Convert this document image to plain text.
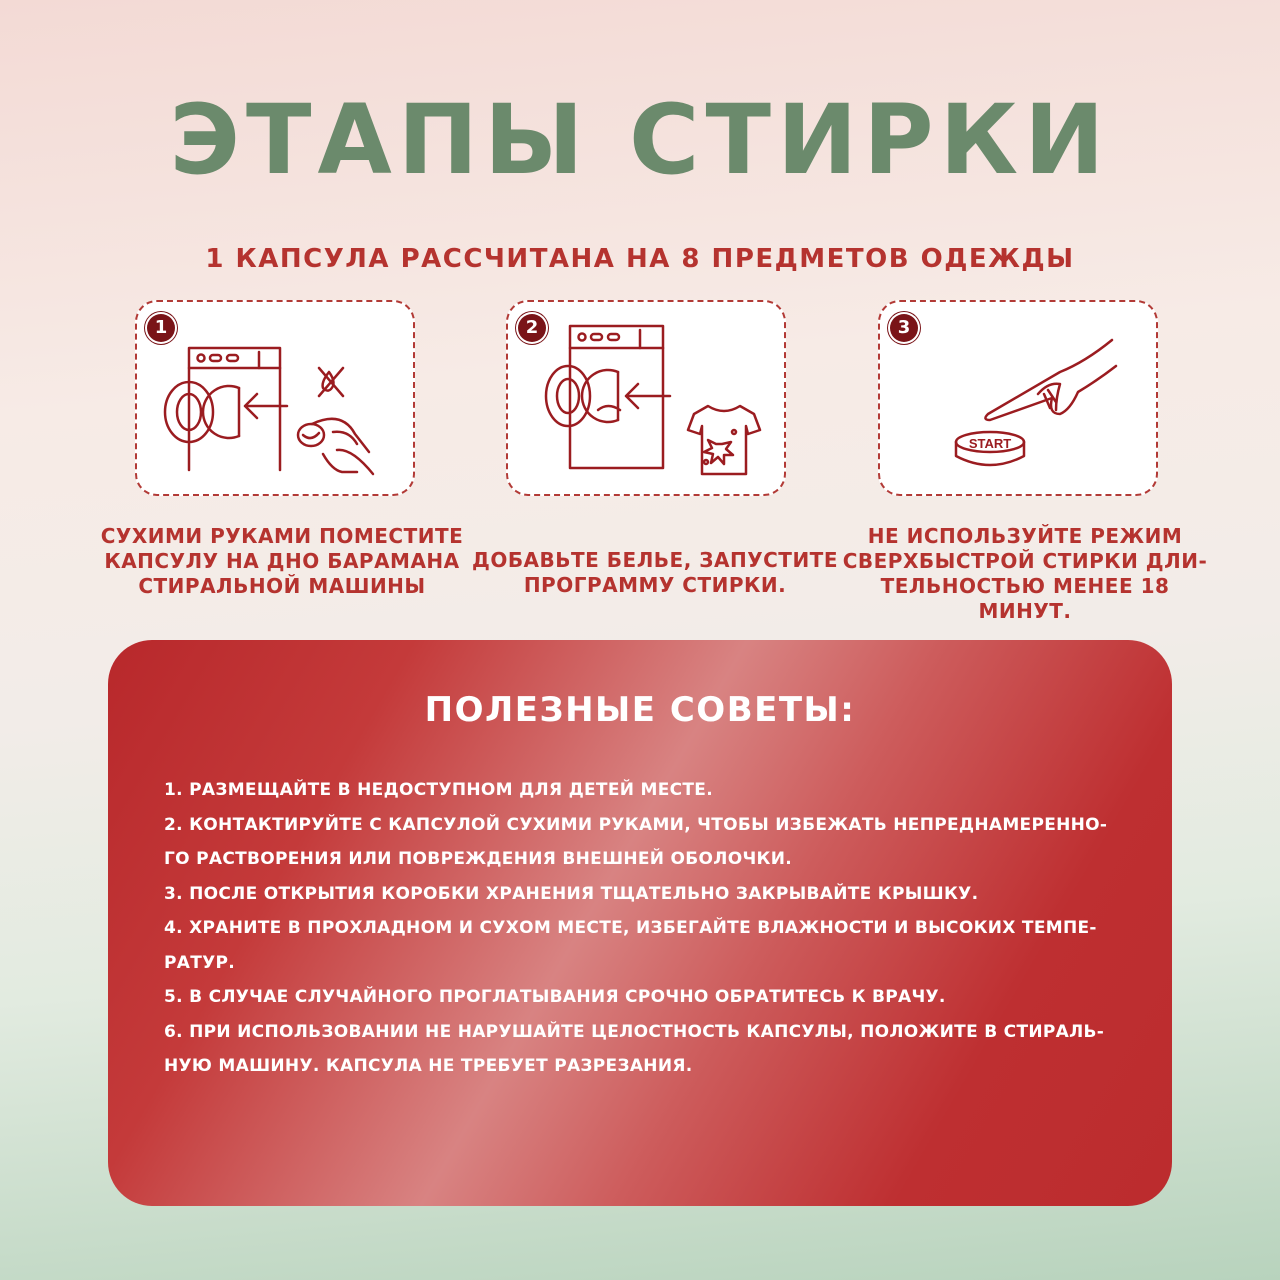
ЭТАПЫ СТИРКИ
1 КАПСУЛА РАССЧИТАНА НА 8 ПРЕДМЕТОВ ОДЕЖДЫ
1
СУХИМИ РУКАМИ ПОМЕСТИТЕ
КАПСУЛУ НА ДНО БАРАМАНА
СТИРАЛЬНОЙ МАШИНЫ
2
ДОБАВЬТЕ БЕЛЬЕ, ЗАПУСТИТЕ
ПРОГРАММУ СТИРКИ.
3
START
НЕ ИСПОЛЬЗУЙТЕ РЕЖИМ
СВЕРХБЫСТРОЙ СТИРКИ ДЛИ-
ТЕЛЬНОСТЬЮ МЕНЕЕ 18
МИНУТ.
ПОЛЕЗНЫЕ СОВЕТЫ:
1. РАЗМЕЩАЙТЕ В НЕДОСТУПНОМ ДЛЯ ДЕТЕЙ МЕСТЕ.
2. КОНТАКТИРУЙТЕ С КАПСУЛОЙ СУХИМИ РУКАМИ, ЧТОБЫ ИЗБЕЖАТЬ НЕПРЕДНАМЕРЕННО-
ГО РАСТВОРЕНИЯ ИЛИ ПОВРЕЖДЕНИЯ ВНЕШНЕЙ ОБОЛОЧКИ.
3. ПОСЛЕ ОТКРЫТИЯ КОРОБКИ ХРАНЕНИЯ ТЩАТЕЛЬНО ЗАКРЫВАЙТЕ КРЫШКУ.
4. ХРАНИТЕ В ПРОХЛАДНОМ И СУХОМ МЕСТЕ, ИЗБЕГАЙТЕ ВЛАЖНОСТИ И ВЫСОКИХ ТЕМПЕ-
РАТУР.
5. В СЛУЧАЕ СЛУЧАЙНОГО ПРОГЛАТЫВАНИЯ СРОЧНО ОБРАТИТЕСЬ К ВРАЧУ.
6. ПРИ ИСПОЛЬЗОВАНИИ НЕ НАРУШАЙТЕ ЦЕЛОСТНОСТЬ КАПСУЛЫ, ПОЛОЖИТЕ В СТИРАЛЬ-
НУЮ МАШИНУ. КАПСУЛА НЕ ТРЕБУЕТ РАЗРЕЗАНИЯ.
